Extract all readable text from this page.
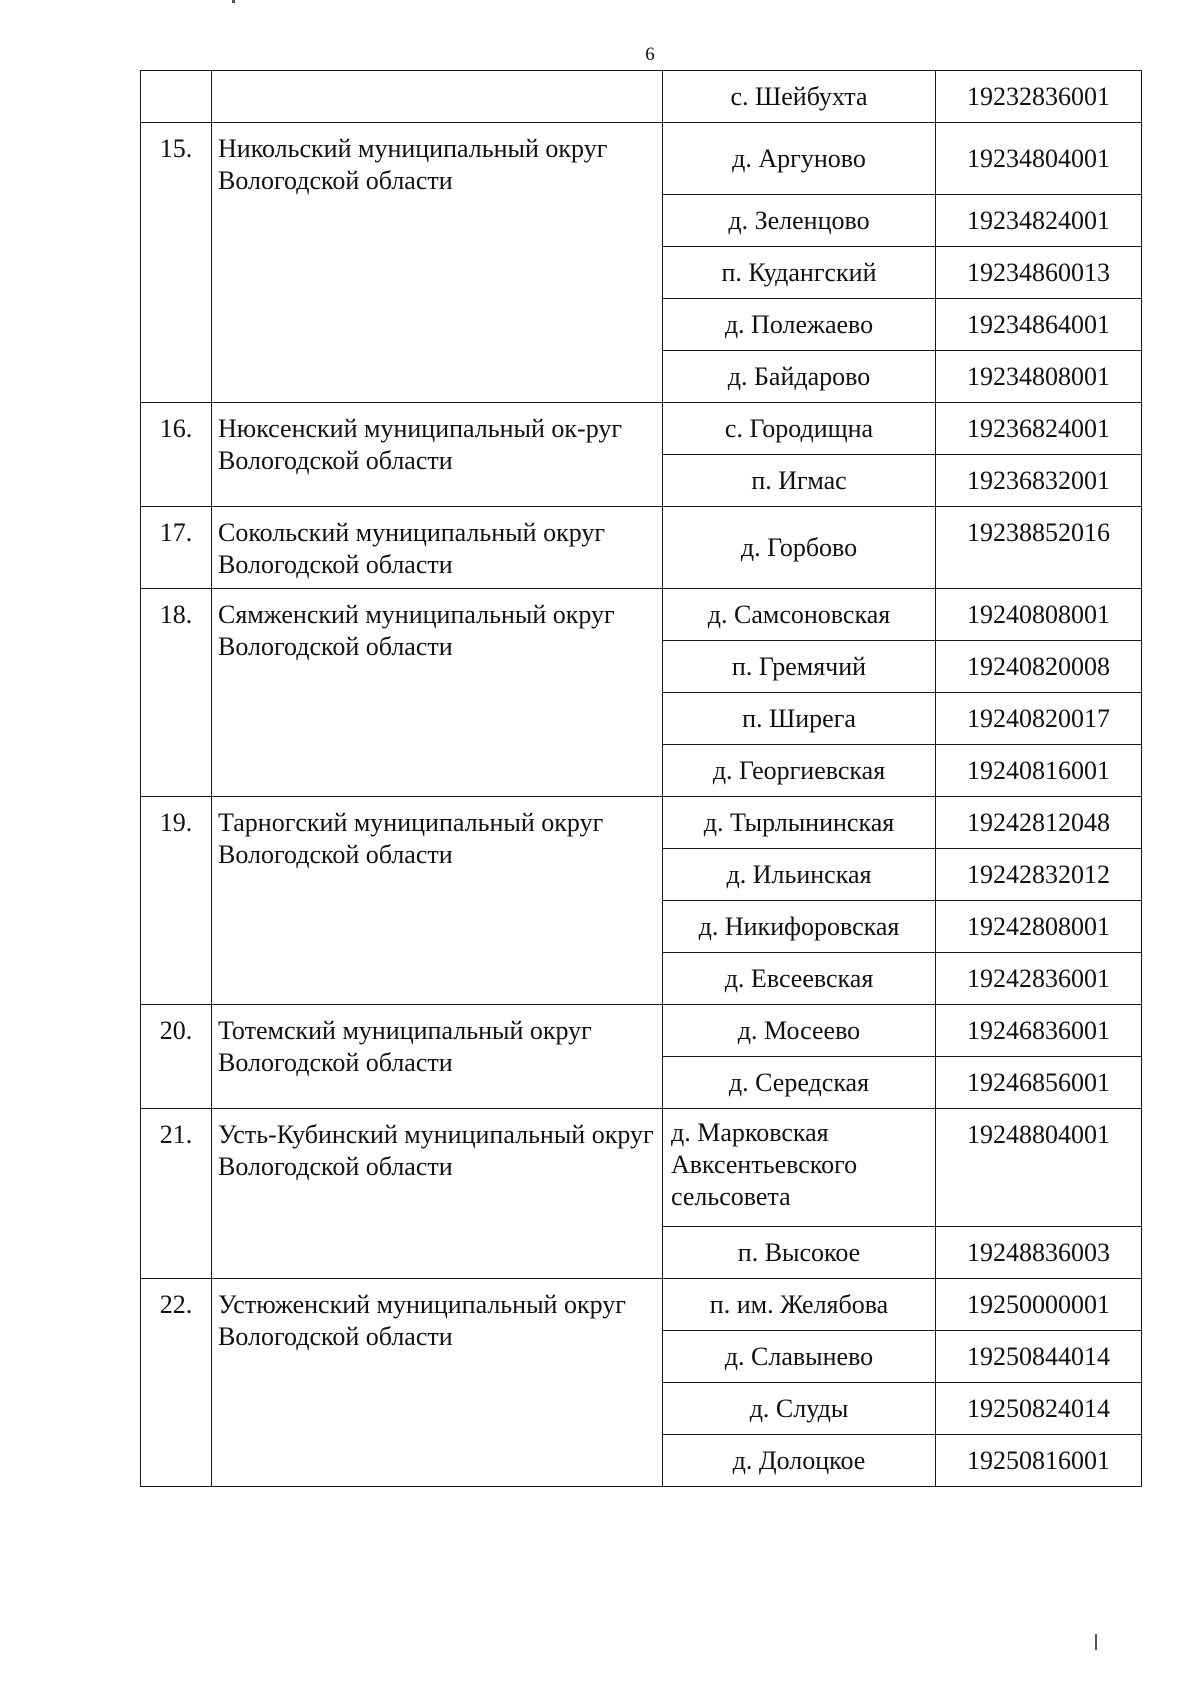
6
		с. Шейбухта	19232836001
15.	Никольский муниципальный округ Вологодской области	д. Аргуново	19234804001
		д. Зеленцово	19234824001
		п. Кудангский	19234860013
		д. Полежаево	19234864001
		д. Байдарово	19234808001
16.	Нюксенский муниципальный ок-руг Вологодской области	с. Городищна	19236824001
		п. Игмас	19236832001
17.	Сокольский муниципальный округ Вологодской области	д. Горбово	19238852016
18.	Сямженский муниципальный округ Вологодской области	д. Самсоновская	19240808001
		п. Гремячий	19240820008
		п. Ширега	19240820017
		д. Георгиевская	19240816001
19.	Тарногский муниципальный округ Вологодской области	д. Тырлынинская	19242812048
		д. Ильинская	19242832012
		д. Никифоровская	19242808001
		д. Евсеевская	19242836001
20.	Тотемский муниципальный округ Вологодской области	д. Мосеево	19246836001
		д. Середская	19246856001
21.	Усть-Кубинский муниципальный округ Вологодской области	д. Марковская Авксентьевского сельсовета	19248804001
		п. Высокое	19248836003
22.	Устюженский муниципальный округ Вологодской области	п. им. Желябова	19250000001
		д. Славынево	19250844014
		д. Слуды	19250824014
		д. Долоцкое	19250816001
